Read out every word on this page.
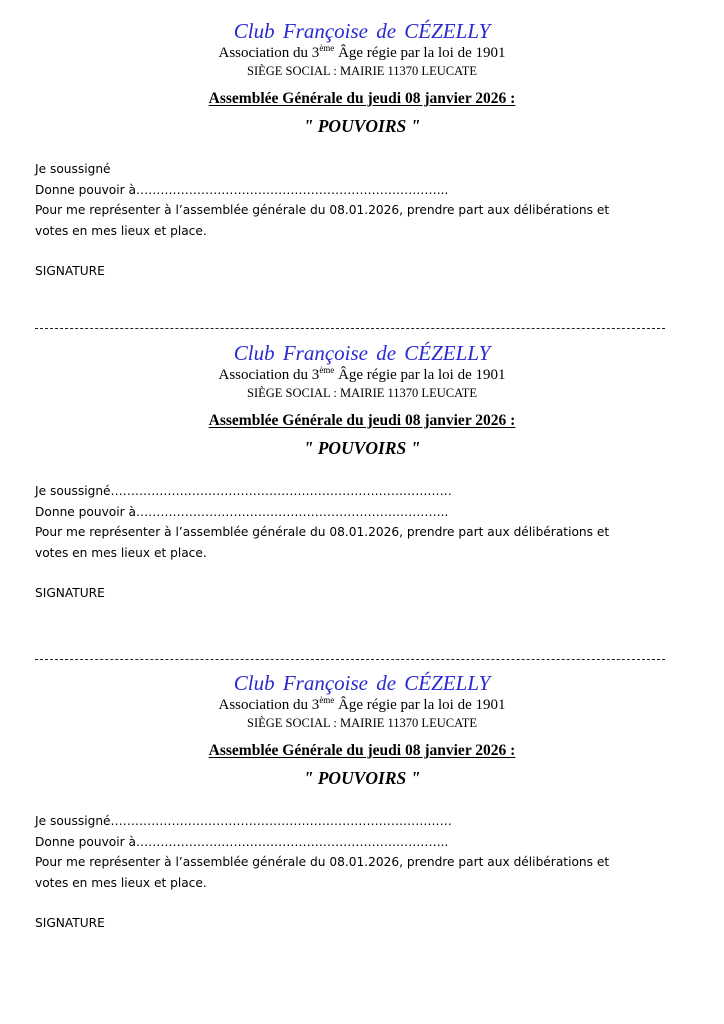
Club Françoise de CÉZELLY
Association du 3ème Âge régie par la loi de 1901
SIÈGE SOCIAL : MAIRIE 11370 LEUCATE
Assemblée Générale du jeudi 08 janvier 2026 :
" POUVOIRS "
Je soussigné
Donne pouvoir à…………………………………………………………………..
Pour me représenter à l’assemblée générale du 08.01.2026, prendre part aux délibérations et
votes en mes lieux et place.
SIGNATURE
Club Françoise de CÉZELLY
Association du 3ème Âge régie par la loi de 1901
SIÈGE SOCIAL : MAIRIE 11370 LEUCATE
Assemblée Générale du jeudi 08 janvier 2026 :
" POUVOIRS "
Je soussigné…………………………………………………………………………
Donne pouvoir à…………………………………………………………………..
Pour me représenter à l’assemblée générale du 08.01.2026, prendre part aux délibérations et
votes en mes lieux et place.
SIGNATURE
Club Françoise de CÉZELLY
Association du 3ème Âge régie par la loi de 1901
SIÈGE SOCIAL : MAIRIE 11370 LEUCATE
Assemblée Générale du jeudi 08 janvier 2026 :
" POUVOIRS "
Je soussigné…………………………………………………………………………
Donne pouvoir à…………………………………………………………………..
Pour me représenter à l’assemblée générale du 08.01.2026, prendre part aux délibérations et
votes en mes lieux et place.
SIGNATURE
